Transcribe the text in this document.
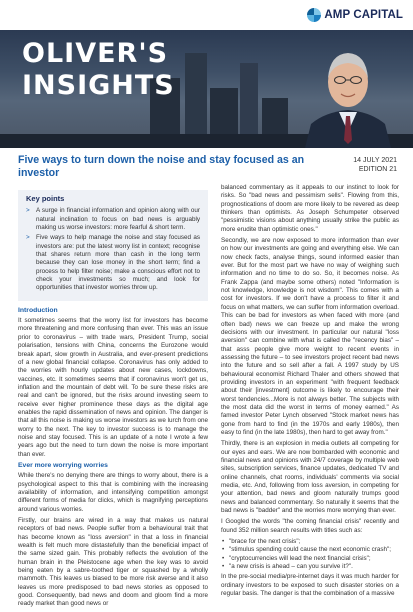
AMP CAPITAL
OLIVER'S
INSIGHTS
Five ways to turn down the noise and stay focused as an investor
14 JULY 2021
EDITION 21
Key points
> A surge in financial information and opinion along with our natural inclination to focus on bad news is arguably making us worse investors: more fearful & short term.
> Five ways to help manage the noise and stay focused as investors are: put the latest worry list in context; recognise that shares return more than cash in the long term because they can lose money in the short term; find a process to help filter noise; make a conscious effort not to check your investments so much; and look for opportunities that investor worries throw up.
Introduction

It sometimes seems that the worry list for investors has become more threatening and more confusing than ever. This was an issue prior to coronavirus – with trade wars, President Trump, social polarisation, tensions with China, concerns the Eurozone would break apart, slow growth in Australia, and ever-present predictions of a new global financial collapse. Coronavirus has only added to the worries with hourly updates about new cases, lockdowns, vaccines, etc. It sometimes seems that if coronavirus won't get us, inflation and the mountain of debt will. To be sure these risks are real and can't be ignored, but the risks around investing seem to receive ever higher prominence these days as the digital age enables the rapid dissemination of news and opinion. The danger is that all this noise is making us worse investors as we lurch from one worry to the next. The key to investor success is to manage the noise and stay focused. This is an update of a note I wrote a few years ago but the need to turn down the noise is more important than ever.

Ever more worrying worries

While there's no denying there are things to worry about, there is a psychological aspect to this that is combining with the increasing availability of information, and intensifying competition amongst different forms of media for clicks, which is magnifying perceptions around various worries.

Firstly, our brains are wired in a way that makes us natural receptors of bad news. People suffer from a behavioural trait that has become known as "loss aversion" in that a loss in financial wealth is felt much more distastefully than the beneficial impact of the same sized gain. This probably reflects the evolution of the human brain in the Pleistocene age when the key was to avoid being eaten by a sabre-toothed tiger or squashed by a wholly mammoth. This leaves us biased to be more risk averse and it also leaves us more predisposed to bad news stories as opposed to good. Consequently, bad news and doom and gloom find a more ready market than good news or

balanced commentary as it appeals to our instinct to look for risks. So "bad news and pessimism sells". Flowing from this, prognostications of doom are more likely to be revered as deep thinkers than optimists. As Joseph Schumpeter observed "pessimistic visions about anything usually strike the public as more erudite than optimistic ones."

Secondly, we are now exposed to more information than ever on how our investments are going and everything else. We can now check facts, analyse things, sound informed easier than ever. But for the most part we have no way of weighing such information and no time to do so. So, it becomes noise. As Frank Zappa (and maybe some others) noted "Information is not knowledge, knowledge is not wisdom". This comes with a cost for investors. If we don't have a process to filter it and focus on what matters, we can suffer from information overload. This can be bad for investors as when faced with more (and often bad) news we can freeze up and make the wrong decisions with our investment. In particular our natural "loss aversion" can combine with what is called the "recency bias" – that asss people give more weight to recent events in assessing the future – to see investors project recent bad news into the future and so sell after a fall. A 1997 study by US behavioural economist Richard Thaler and others showed that providing investors in an experiment "with frequent feedback about their [investment] outcome is likely to encourage their worst tendencies...More is not always better. The subjects with the most data did the worst in terms of money earned." As famed investor Peter Lynch observed "Stock market news has gone from hard to find (in the 1970s and early 1980s), then easy to find (in the late 1980s), then hard to get away from."

Thirdly, there is an explosion in media outlets all competing for our eyes and ears. We are now bombarded with economic and financial news and opinions with 24/7 coverage by multiple web sites, subscription services, finance updates, dedicated TV and online channels, chat rooms, individuals' comments via social media, etc. And, following from loss aversion, in competing for your attention, bad news and gloom naturally trumps good news and balanced commentary. So naturally it seems that the bad news is "badder" and the worries more worrying than ever.

I Googled the words "the coming financial crisis" recently and found 352 million search results with titles such as:

• "brace for the next crisis";
• "stimulus spending could cause the next economic crash";
• "cryptocurrencies will lead the next financial crisis";
• "a new crisis is ahead – can you survive it?".

In the pre-social media/pre-internet days it was much harder for ordinary investors to be exposed to such disaster stories on a regular basis. The danger is that the combination of a massive
